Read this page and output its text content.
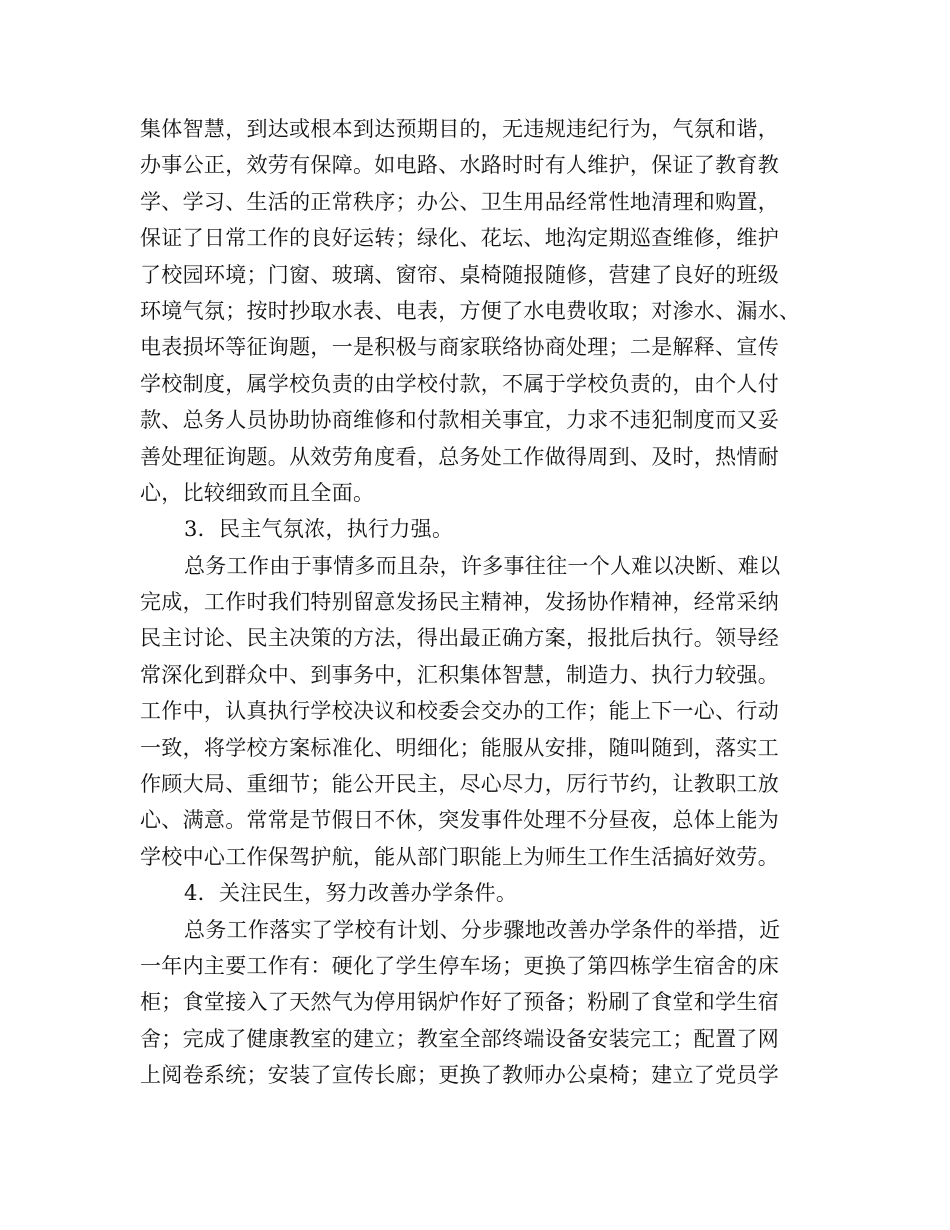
集体智慧，到达或根本到达预期目的，无违规违纪行为，气氛和谐，
办事公正，效劳有保障。如电路、水路时时有人维护，保证了教育教
学、学习、生活的正常秩序；办公、卫生用品经常性地清理和购置，
保证了日常工作的良好运转；绿化、花坛、地沟定期巡查维修，维护
了校园环境；门窗、玻璃、窗帘、桌椅随报随修，营建了良好的班级
环境气氛；按时抄取水表、电表，方便了水电费收取；对渗水、漏水、
电表损坏等征询题，一是积极与商家联络协商处理；二是解释、宣传
学校制度，属学校负责的由学校付款，不属于学校负责的，由个人付
款、总务人员协助协商维修和付款相关事宜，力求不违犯制度而又妥
善处理征询题。从效劳角度看，总务处工作做得周到、及时，热情耐
心，比较细致而且全面。
3．民主气氛浓，执行力强。
总务工作由于事情多而且杂，许多事往往一个人难以决断、难以
完成，工作时我们特别留意发扬民主精神，发扬协作精神，经常采纳
民主讨论、民主决策的方法，得出最正确方案，报批后执行。领导经
常深化到群众中、到事务中，汇积集体智慧，制造力、执行力较强。
工作中，认真执行学校决议和校委会交办的工作；能上下一心、行动
一致，将学校方案标准化、明细化；能服从安排，随叫随到，落实工
作顾大局、重细节；能公开民主，尽心尽力，厉行节约，让教职工放
心、满意。常常是节假日不休，突发事件处理不分昼夜，总体上能为
学校中心工作保驾护航，能从部门职能上为师生工作生活搞好效劳。
4．关注民生，努力改善办学条件。
总务工作落实了学校有计划、分步骤地改善办学条件的举措，近
一年内主要工作有：硬化了学生停车场；更换了第四栋学生宿舍的床
柜；食堂接入了天然气为停用锅炉作好了预备；粉刷了食堂和学生宿
舍；完成了健康教室的建立；教室全部终端设备安装完工；配置了网
上阅卷系统；安装了宣传长廊；更换了教师办公桌椅；建立了党员学
